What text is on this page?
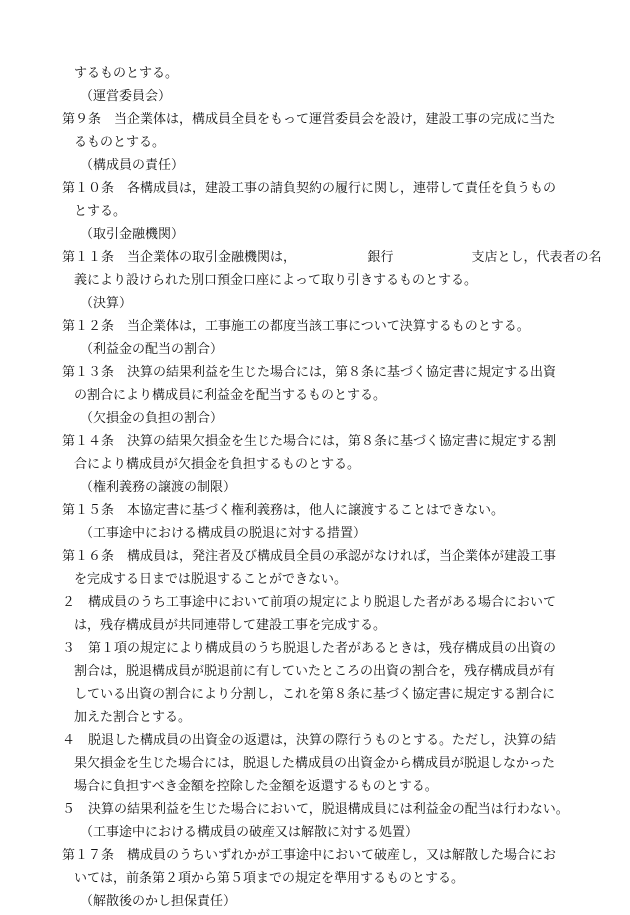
するものとする。

（運営委員会）

第９条　当企業体は，構成員全員をもって運営委員会を設け，建設工事の完成に当た

るものとする。

（構成員の責任）

第１０条　各構成員は，建設工事の請負契約の履行に関し，連帯して責任を負うもの

とする。

（取引金融機関）

第１１条　当企業体の取引金融機関は，　　　　　　銀行　　　　　　支店とし，代表者の名

義により設けられた別口預金口座によって取り引きするものとする。

（決算）

第１２条　当企業体は，工事施工の都度当該工事について決算するものとする。

（利益金の配当の割合）

第１３条　決算の結果利益を生じた場合には，第８条に基づく協定書に規定する出資

の割合により構成員に利益金を配当するものとする。

（欠損金の負担の割合）

第１４条　決算の結果欠損金を生じた場合には，第８条に基づく協定書に規定する割

合により構成員が欠損金を負担するものとする。

（権利義務の譲渡の制限）

第１５条　本協定書に基づく権利義務は，他人に譲渡することはできない。

（工事途中における構成員の脱退に対する措置）

第１６条　構成員は，発注者及び構成員全員の承認がなければ，当企業体が建設工事

を完成する日までは脱退することができない。

２　構成員のうち工事途中において前項の規定により脱退した者がある場合において

は，残存構成員が共同連帯して建設工事を完成する。

３　第１項の規定により構成員のうち脱退した者があるときは，残存構成員の出資の

割合は，脱退構成員が脱退前に有していたところの出資の割合を，残存構成員が有

している出資の割合により分割し，これを第８条に基づく協定書に規定する割合に

加えた割合とする。

４　脱退した構成員の出資金の返還は，決算の際行うものとする。ただし，決算の結

果欠損金を生じた場合には，脱退した構成員の出資金から構成員が脱退しなかった

場合に負担すべき金額を控除した金額を返還するものとする。

５　決算の結果利益を生じた場合において，脱退構成員には利益金の配当は行わない。

（工事途中における構成員の破産又は解散に対する処置）

第１７条　構成員のうちいずれかが工事途中において破産し，又は解散した場合にお

いては，前条第２項から第５項までの規定を準用するものとする。

（解散後のかし担保責任）
